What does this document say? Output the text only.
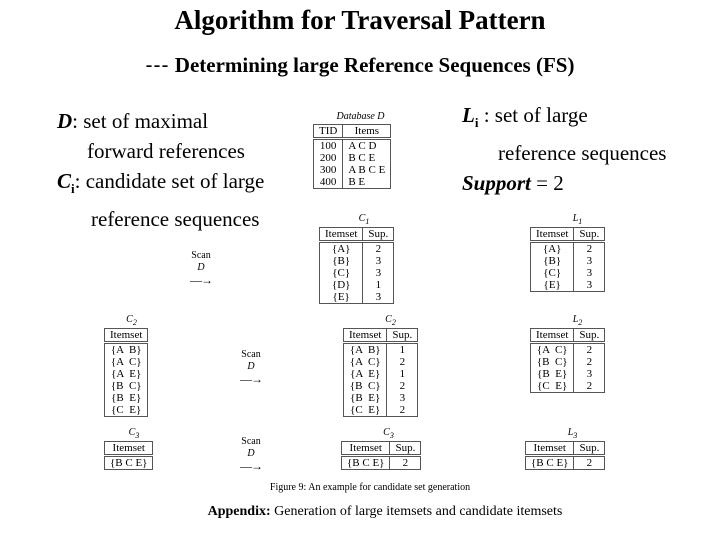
Algorithm for Traversal Pattern
--- Determining large Reference Sequences (FS)
D: set of maximal
forward references
$C_i$: candidate set of large
reference sequences
$L_i$ : set of large
reference sequences
Support = 2
Database D
TID	Items
100	A C D
200	B C E
300	A B C E
400	B E
$C_1$
Itemset	Sup.
{A}	2
{B}	3
{C}	3
{D}	1
{E}	3
$L_1$
Itemset	Sup.
{A}	2
{B}	3
{C}	3
{E}	3
$C_2$
Itemset
{A  B}
{A  C}
{A  E}
{B  C}
{B  E}
{C  E}
$C_2$
Itemset	Sup.
{A  B}	1
{A  C}	2
{A  E}	1
{B  C}	2
{B  E}	3
{C  E}	2
$L_2$
Itemset	Sup.
{A  C}	2
{B  C}	2
{B  E}	3
{C  E}	2
$C_3$
Itemset
{B C E}
$C_3$
Itemset	Sup.
{B C E}	2
$L_3$
Itemset	Sup.
{B C E}	2
Scan
D
—→
Scan
D
—→
Scan
D
—→
Figure 9: An example for candidate set generation
Appendix: Generation of large itemsets and candidate itemsets
